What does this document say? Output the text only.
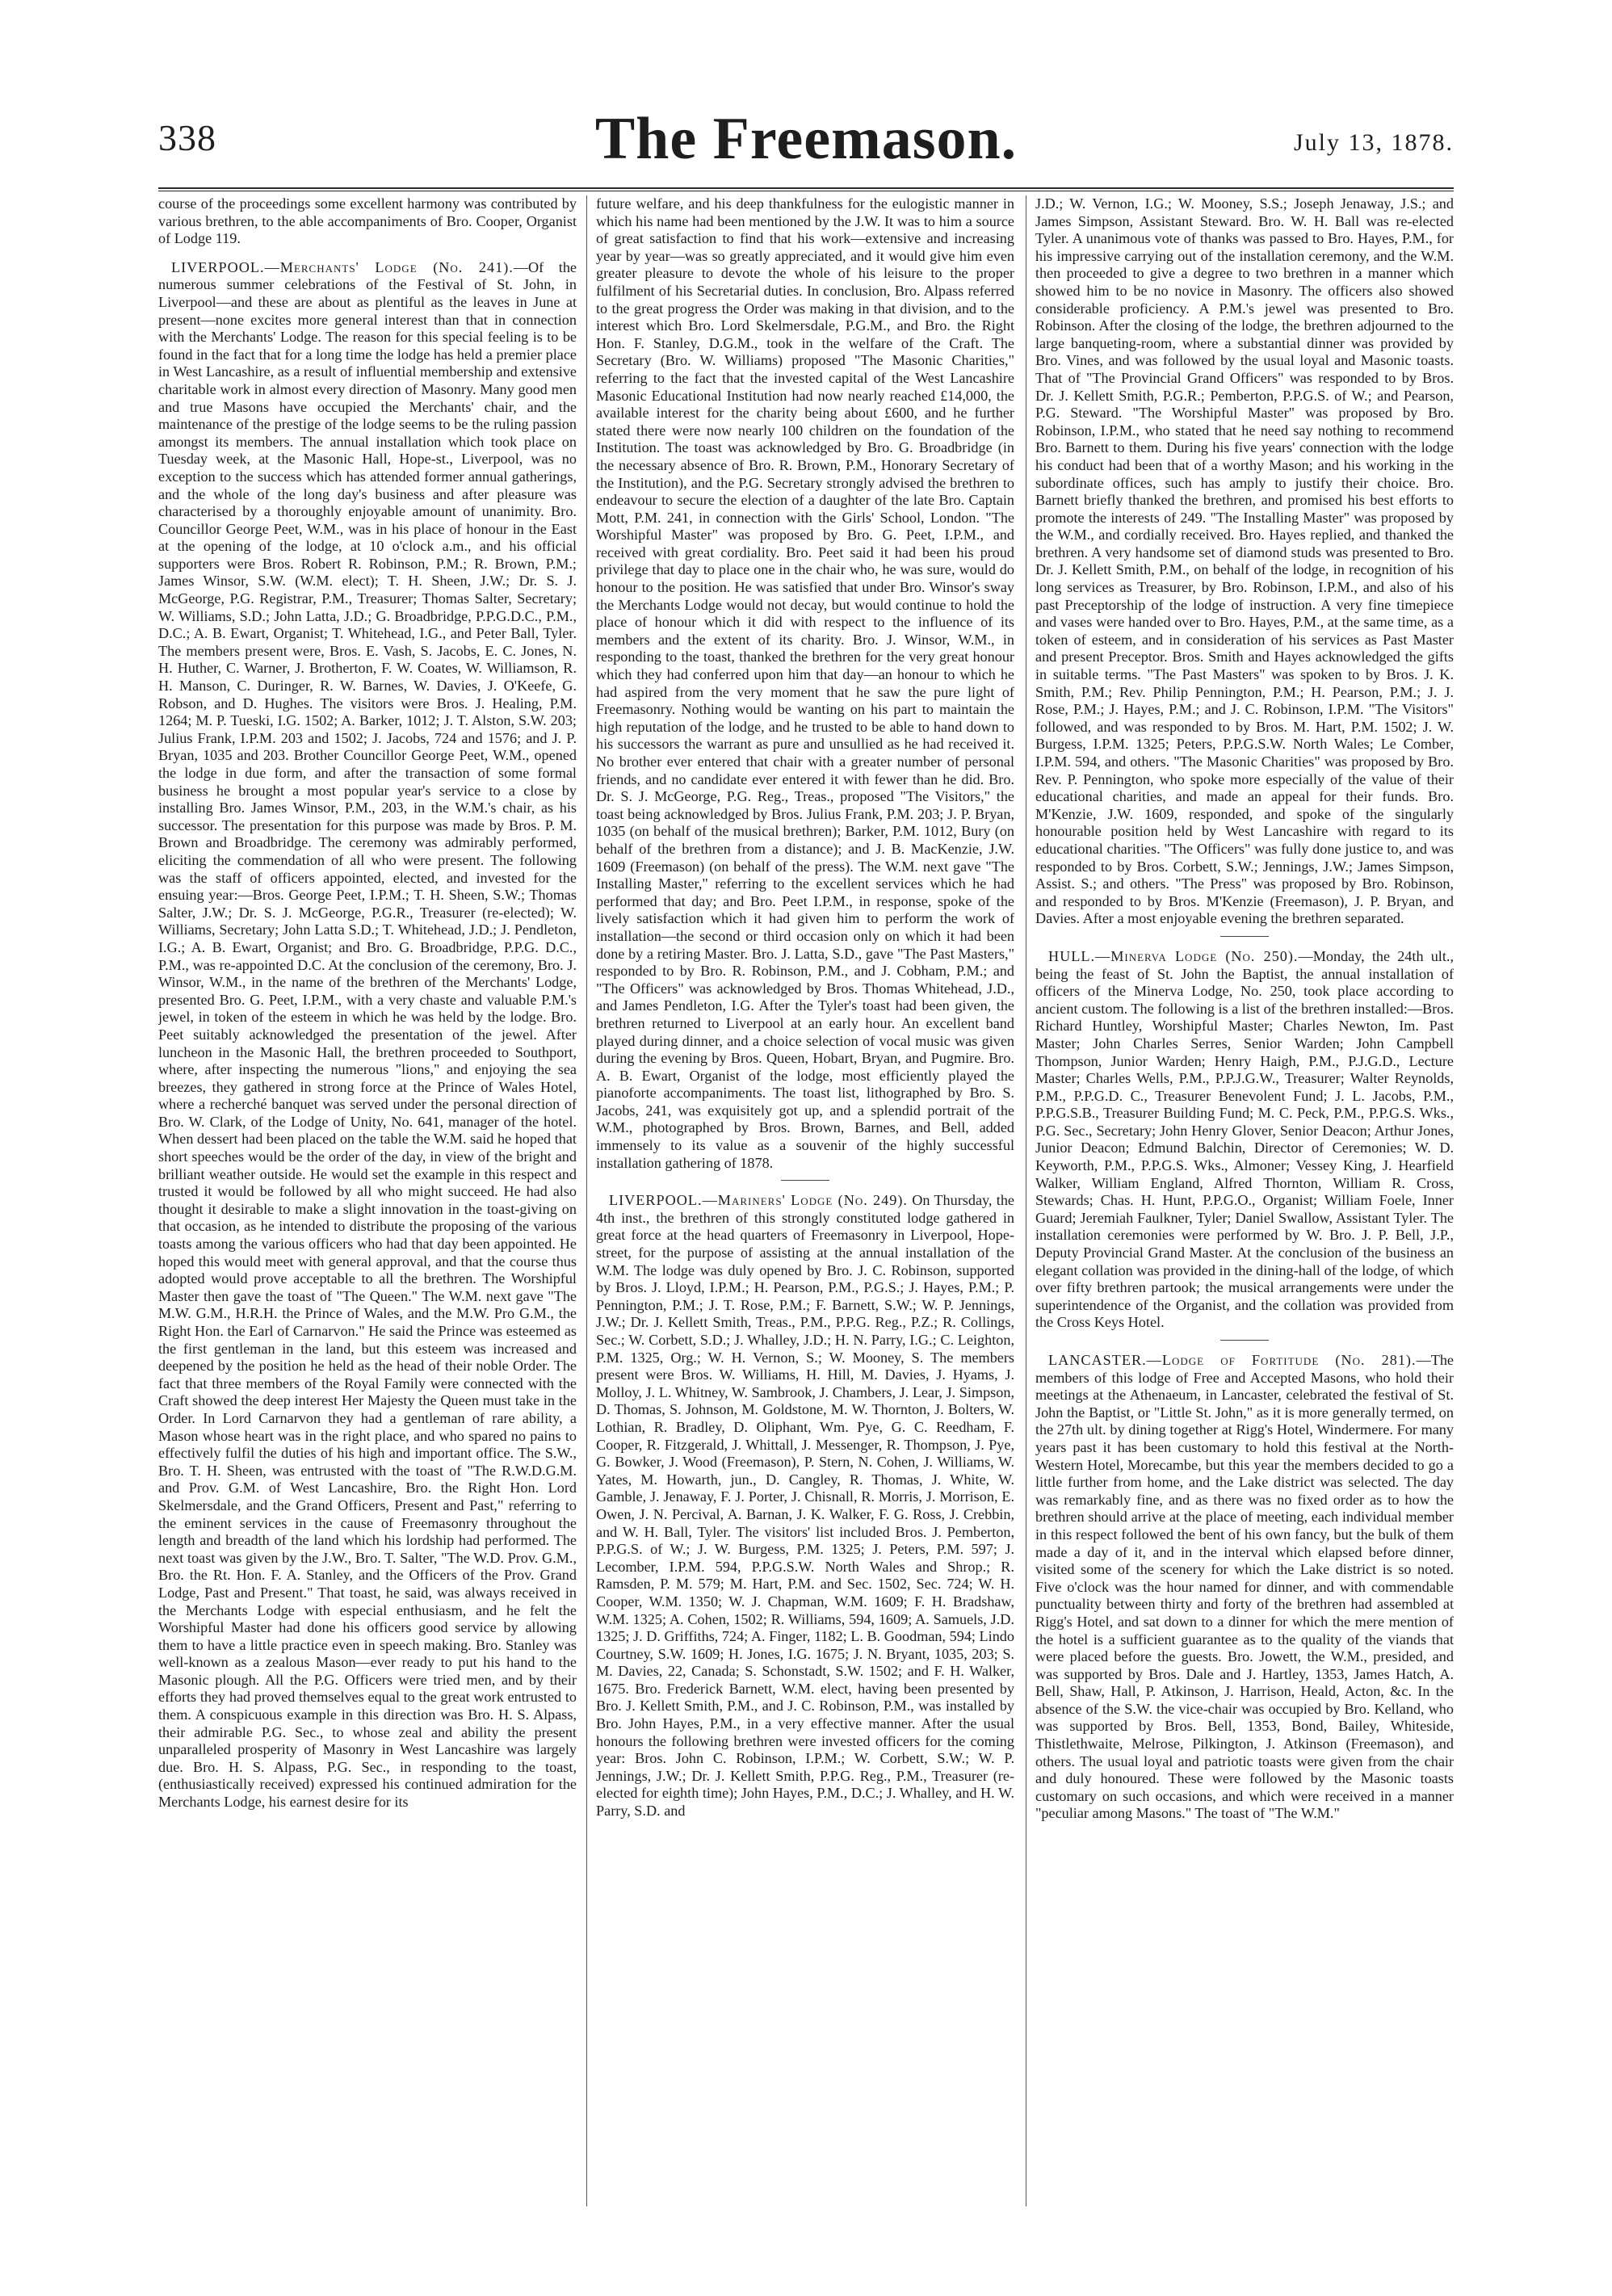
338	The Freemason.	July 13, 1878.

course of the proceedings some excellent harmony was contributed by various brethren, to the able accompaniments of Bro. Cooper, Organist of Lodge 119.

LIVERPOOL.—Merchants' Lodge (No. 241).—Of the numerous summer celebrations of the Festival of St. John, in Liverpool—and these are about as plentiful as the leaves in June at present—none excites more general interest than that in connection with the Merchants' Lodge. The reason for this special feeling is to be found in the fact that for a long time the lodge has held a premier place in West Lancashire, as a result of influential membership and extensive charitable work in almost every direction of Masonry. Many good men and true Masons have occupied the Merchants' chair, and the maintenance of the prestige of the lodge seems to be the ruling passion amongst its members. The annual installation which took place on Tuesday week, at the Masonic Hall, Hope-st., Liverpool, was no exception to the success which has attended former annual gatherings, and the whole of the long day's business and after pleasure was characterised by a thoroughly enjoyable amount of unanimity. Bro. Councillor George Peet, W.M., was in his place of honour in the East at the opening of the lodge, at 10 o'clock a.m., and his official supporters were Bros. Robert R. Robinson, P.M.; R. Brown, P.M.; James Winsor, S.W. (W.M. elect); T. H. Sheen, J.W.; Dr. S. J. McGeorge, P.G. Registrar, P.M., Treasurer; Thomas Salter, Secretary; W. Williams, S.D.; John Latta, J.D.; G. Broadbridge, P.P.G.D.C., P.M., D.C.; A. B. Ewart, Organist; T. Whitehead, I.G., and Peter Ball, Tyler. The members present were, Bros. E. Vash, S. Jacobs, E. C. Jones, N. H. Huther, C. Warner, J. Brotherton, F. W. Coates, W. Williamson, R. H. Manson, C. Duringer, R. W. Barnes, W. Davies, J. O'Keefe, G. Robson, and D. Hughes. The visitors were Bros. J. Healing, P.M. 1264; M. P. Tueski, I.G. 1502; A. Barker, 1012; J. T. Alston, S.W. 203; Julius Frank, I.P.M. 203 and 1502; J. Jacobs, 724 and 1576; and J. P. Bryan, 1035 and 203. Brother Councillor George Peet, W.M., opened the lodge in due form, and after the transaction of some formal business he brought a most popular year's service to a close by installing Bro. James Winsor, P.M., 203, in the W.M.'s chair, as his successor. The presentation for this purpose was made by Bros. P. M. Brown and Broadbridge. The ceremony was admirably performed, eliciting the commendation of all who were present. The following was the staff of officers appointed, elected, and invested for the ensuing year:—Bros. George Peet, I.P.M.; T. H. Sheen, S.W.; Thomas Salter, J.W.; Dr. S. J. McGeorge, P.G.R., Treasurer (re-elected); W. Williams, Secretary; John Latta S.D.; T. Whitehead, J.D.; J. Pendleton, I.G.; A. B. Ewart, Organist; and Bro. G. Broadbridge, P.P.G. D.C., P.M., was re-appointed D.C. At the conclusion of the ceremony, Bro. J. Winsor, W.M., in the name of the brethren of the Merchants' Lodge, presented Bro. G. Peet, I.P.M., with a very chaste and valuable P.M.'s jewel, in token of the esteem in which he was held by the lodge. Bro. Peet suitably acknowledged the presentation of the jewel. After luncheon in the Masonic Hall, the brethren proceeded to Southport, where, after inspecting the numerous "lions," and enjoying the sea breezes, they gathered in strong force at the Prince of Wales Hotel, where a recherché banquet was served under the personal direction of Bro. W. Clark, of the Lodge of Unity, No. 641, manager of the hotel. When dessert had been placed on the table the W.M. said he hoped that short speeches would be the order of the day, in view of the bright and brilliant weather outside. He would set the example in this respect and trusted it would be followed by all who might succeed. He had also thought it desirable to make a slight innovation in the toast-giving on that occasion, as he intended to distribute the proposing of the various toasts among the various officers who had that day been appointed. He hoped this would meet with general approval, and that the course thus adopted would prove acceptable to all the brethren. The Worshipful Master then gave the toast of "The Queen." The W.M. next gave "The M.W. G.M., H.R.H. the Prince of Wales, and the M.W. Pro G.M., the Right Hon. the Earl of Carnarvon." He said the Prince was esteemed as the first gentleman in the land, but this esteem was increased and deepened by the position he held as the head of their noble Order. The fact that three members of the Royal Family were connected with the Craft showed the deep interest Her Majesty the Queen must take in the Order. In Lord Carnarvon they had a gentleman of rare ability, a Mason whose heart was in the right place, and who spared no pains to effectively fulfil the duties of his high and important office. The S.W., Bro. T. H. Sheen, was entrusted with the toast of "The R.W.D.G.M. and Prov. G.M. of West Lancashire, Bro. the Right Hon. Lord Skelmersdale, and the Grand Officers, Present and Past," referring to the eminent services in the cause of Freemasonry throughout the length and breadth of the land which his lordship had performed. The next toast was given by the J.W., Bro. T. Salter, "The W.D. Prov. G.M., Bro. the Rt. Hon. F. A. Stanley, and the Officers of the Prov. Grand Lodge, Past and Present." That toast, he said, was always received in the Merchants Lodge with especial enthusiasm, and he felt the Worshipful Master had done his officers good service by allowing them to have a little practice even in speech making. Bro. Stanley was well-known as a zealous Mason—ever ready to put his hand to the Masonic plough. All the P.G. Officers were tried men, and by their efforts they had proved themselves equal to the great work entrusted to them. A conspicuous example in this direction was Bro. H. S. Alpass, their admirable P.G. Sec., to whose zeal and ability the present unparalleled prosperity of Masonry in West Lancashire was largely due. Bro. H. S. Alpass, P.G. Sec., in responding to the toast, (enthusiastically received) expressed his continued admiration for the Merchants Lodge, his earnest desire for its

future welfare, and his deep thankfulness for the eulogistic manner in which his name had been mentioned by the J.W. It was to him a source of great satisfaction to find that his work—extensive and increasing year by year—was so greatly appreciated, and it would give him even greater pleasure to devote the whole of his leisure to the proper fulfilment of his Secretarial duties. In conclusion, Bro. Alpass referred to the great progress the Order was making in that division, and to the interest which Bro. Lord Skelmersdale, P.G.M., and Bro. the Right Hon. F. Stanley, D.G.M., took in the welfare of the Craft. The Secretary (Bro. W. Williams) proposed "The Masonic Charities," referring to the fact that the invested capital of the West Lancashire Masonic Educational Institution had now nearly reached £14,000, the available interest for the charity being about £600, and he further stated there were now nearly 100 children on the foundation of the Institution. The toast was acknowledged by Bro. G. Broadbridge (in the necessary absence of Bro. R. Brown, P.M., Honorary Secretary of the Institution), and the P.G. Secretary strongly advised the brethren to endeavour to secure the election of a daughter of the late Bro. Captain Mott, P.M. 241, in connection with the Girls' School, London. "The Worshipful Master" was proposed by Bro. G. Peet, I.P.M., and received with great cordiality. Bro. Peet said it had been his proud privilege that day to place one in the chair who, he was sure, would do honour to the position. He was satisfied that under Bro. Winsor's sway the Merchants Lodge would not decay, but would continue to hold the place of honour which it did with respect to the influence of its members and the extent of its charity. Bro. J. Winsor, W.M., in responding to the toast, thanked the brethren for the very great honour which they had conferred upon him that day—an honour to which he had aspired from the very moment that he saw the pure light of Freemasonry. Nothing would be wanting on his part to maintain the high reputation of the lodge, and he trusted to be able to hand down to his successors the warrant as pure and unsullied as he had received it. No brother ever entered that chair with a greater number of personal friends, and no candidate ever entered it with fewer than he did. Bro. Dr. S. J. McGeorge, P.G. Reg., Treas., proposed "The Visitors," the toast being acknowledged by Bros. Julius Frank, P.M. 203; J. P. Bryan, 1035 (on behalf of the musical brethren); Barker, P.M. 1012, Bury (on behalf of the brethren from a distance); and J. B. MacKenzie, J.W. 1609 (Freemason) (on behalf of the press). The W.M. next gave "The Installing Master," referring to the excellent services which he had performed that day; and Bro. Peet I.P.M., in response, spoke of the lively satisfaction which it had given him to perform the work of installation—the second or third occasion only on which it had been done by a retiring Master. Bro. J. Latta, S.D., gave "The Past Masters," responded to by Bro. R. Robinson, P.M., and J. Cobham, P.M.; and "The Officers" was acknowledged by Bros. Thomas Whitehead, J.D., and James Pendleton, I.G. After the Tyler's toast had been given, the brethren returned to Liverpool at an early hour. An excellent band played during dinner, and a choice selection of vocal music was given during the evening by Bros. Queen, Hobart, Bryan, and Pugmire. Bro. A. B. Ewart, Organist of the lodge, most efficiently played the pianoforte accompaniments. The toast list, lithographed by Bro. S. Jacobs, 241, was exquisitely got up, and a splendid portrait of the W.M., photographed by Bros. Brown, Barnes, and Bell, added immensely to its value as a souvenir of the highly successful installation gathering of 1878.

LIVERPOOL.—Mariners' Lodge (No. 249). On Thursday, the 4th inst., the brethren of this strongly constituted lodge gathered in great force at the head quarters of Freemasonry in Liverpool, Hope-street, for the purpose of assisting at the annual installation of the W.M. The lodge was duly opened by Bro. J. C. Robinson, supported by Bros. J. Lloyd, I.P.M.; H. Pearson, P.M., P.G.S.; J. Hayes, P.M.; P. Pennington, P.M.; J. T. Rose, P.M.; F. Barnett, S.W.; W. P. Jennings, J.W.; Dr. J. Kellett Smith, Treas., P.M., P.P.G. Reg., P.Z.; R. Collings, Sec.; W. Corbett, S.D.; J. Whalley, J.D.; H. N. Parry, I.G.; C. Leighton, P.M. 1325, Org.; W. H. Vernon, S.; W. Mooney, S. The members present were Bros. W. Williams, H. Hill, M. Davies, J. Hyams, J. Molloy, J. L. Whitney, W. Sambrook, J. Chambers, J. Lear, J. Simpson, D. Thomas, S. Johnson, M. Goldstone, M. W. Thornton, J. Bolters, W. Lothian, R. Bradley, D. Oliphant, Wm. Pye, G. C. Reedham, F. Cooper, R. Fitzgerald, J. Whittall, J. Messenger, R. Thompson, J. Pye, G. Bowker, J. Wood (Freemason), P. Stern, N. Cohen, J. Williams, W. Yates, M. Howarth, jun., D. Cangley, R. Thomas, J. White, W. Gamble, J. Jenaway, F. J. Porter, J. Chisnall, R. Morris, J. Morrison, E. Owen, J. N. Percival, A. Barnan, J. K. Walker, F. G. Ross, J. Crebbin, and W. H. Ball, Tyler. The visitors' list included Bros. J. Pemberton, P.P.G.S. of W.; J. W. Burgess, P.M. 1325; J. Peters, P.M. 597; J. Lecomber, I.P.M. 594, P.P.G.S.W. North Wales and Shrop.; R. Ramsden, P. M. 579; M. Hart, P.M. and Sec. 1502, Sec. 724; W. H. Cooper, W.M. 1350; W. J. Chapman, W.M. 1609; F. H. Bradshaw, W.M. 1325; A. Cohen, 1502; R. Williams, 594, 1609; A. Samuels, J.D. 1325; J. D. Griffiths, 724; A. Finger, 1182; L. B. Goodman, 594; Lindo Courtney, S.W. 1609; H. Jones, I.G. 1675; J. N. Bryant, 1035, 203; S. M. Davies, 22, Canada; S. Schonstadt, S.W. 1502; and F. H. Walker, 1675. Bro. Frederick Barnett, W.M. elect, having been presented by Bro. J. Kellett Smith, P.M., and J. C. Robinson, P.M., was installed by Bro. John Hayes, P.M., in a very effective manner. After the usual honours the following brethren were invested officers for the coming year: Bros. John C. Robinson, I.P.M.; W. Corbett, S.W.; W. P. Jennings, J.W.; Dr. J. Kellett Smith, P.P.G. Reg., P.M., Treasurer (re-elected for eighth time); John Hayes, P.M., D.C.; J. Whalley, and H. W. Parry, S.D. and

J.D.; W. Vernon, I.G.; W. Mooney, S.S.; Joseph Jenaway, J.S.; and James Simpson, Assistant Steward. Bro. W. H. Ball was re-elected Tyler. A unanimous vote of thanks was passed to Bro. Hayes, P.M., for his impressive carrying out of the installation ceremony, and the W.M. then proceeded to give a degree to two brethren in a manner which showed him to be no novice in Masonry. The officers also showed considerable proficiency. A P.M.'s jewel was presented to Bro. Robinson. After the closing of the lodge, the brethren adjourned to the large banqueting-room, where a substantial dinner was provided by Bro. Vines, and was followed by the usual loyal and Masonic toasts. That of "The Provincial Grand Officers" was responded to by Bros. Dr. J. Kellett Smith, P.G.R.; Pemberton, P.P.G.S. of W.; and Pearson, P.G. Steward. "The Worshipful Master" was proposed by Bro. Robinson, I.P.M., who stated that he need say nothing to recommend Bro. Barnett to them. During his five years' connection with the lodge his conduct had been that of a worthy Mason; and his working in the subordinate offices, such has amply to justify their choice. Bro. Barnett briefly thanked the brethren, and promised his best efforts to promote the interests of 249. "The Installing Master" was proposed by the W.M., and cordially received. Bro. Hayes replied, and thanked the brethren. A very handsome set of diamond studs was presented to Bro. Dr. J. Kellett Smith, P.M., on behalf of the lodge, in recognition of his long services as Treasurer, by Bro. Robinson, I.P.M., and also of his past Preceptorship of the lodge of instruction. A very fine timepiece and vases were handed over to Bro. Hayes, P.M., at the same time, as a token of esteem, and in consideration of his services as Past Master and present Preceptor. Bros. Smith and Hayes acknowledged the gifts in suitable terms. "The Past Masters" was spoken to by Bros. J. K. Smith, P.M.; Rev. Philip Pennington, P.M.; H. Pearson, P.M.; J. J. Rose, P.M.; J. Hayes, P.M.; and J. C. Robinson, I.P.M. "The Visitors" followed, and was responded to by Bros. M. Hart, P.M. 1502; J. W. Burgess, I.P.M. 1325; Peters, P.P.G.S.W. North Wales; Le Comber, I.P.M. 594, and others. "The Masonic Charities" was proposed by Bro. Rev. P. Pennington, who spoke more especially of the value of their educational charities, and made an appeal for their funds. Bro. M'Kenzie, J.W. 1609, responded, and spoke of the singularly honourable position held by West Lancashire with regard to its educational charities. "The Officers" was fully done justice to, and was responded to by Bros. Corbett, S.W.; Jennings, J.W.; James Simpson, Assist. S.; and others. "The Press" was proposed by Bro. Robinson, and responded to by Bros. M'Kenzie (Freemason), J. P. Bryan, and Davies. After a most enjoyable evening the brethren separated.

HULL.—Minerva Lodge (No. 250).—Monday, the 24th ult., being the feast of St. John the Baptist, the annual installation of officers of the Minerva Lodge, No. 250, took place according to ancient custom. The following is a list of the brethren installed:—Bros. Richard Huntley, Worshipful Master; Charles Newton, Im. Past Master; John Charles Serres, Senior Warden; John Campbell Thompson, Junior Warden; Henry Haigh, P.M., P.J.G.D., Lecture Master; Charles Wells, P.M., P.P.J.G.W., Treasurer; Walter Reynolds, P.M., P.P.G.D. C., Treasurer Benevolent Fund; J. L. Jacobs, P.M., P.P.G.S.B., Treasurer Building Fund; M. C. Peck, P.M., P.P.G.S. Wks., P.G. Sec., Secretary; John Henry Glover, Senior Deacon; Arthur Jones, Junior Deacon; Edmund Balchin, Director of Ceremonies; W. D. Keyworth, P.M., P.P.G.S. Wks., Almoner; Vessey King, J. Hearfield Walker, William England, Alfred Thornton, William R. Cross, Stewards; Chas. H. Hunt, P.P.G.O., Organist; William Foele, Inner Guard; Jeremiah Faulkner, Tyler; Daniel Swallow, Assistant Tyler. The installation ceremonies were performed by W. Bro. J. P. Bell, J.P., Deputy Provincial Grand Master. At the conclusion of the business an elegant collation was provided in the dining-hall of the lodge, of which over fifty brethren partook; the musical arrangements were under the superintendence of the Organist, and the collation was provided from the Cross Keys Hotel.

LANCASTER.—Lodge of Fortitude (No. 281).—The members of this lodge of Free and Accepted Masons, who hold their meetings at the Athenaeum, in Lancaster, celebrated the festival of St. John the Baptist, or "Little St. John," as it is more generally termed, on the 27th ult. by dining together at Rigg's Hotel, Windermere. For many years past it has been customary to hold this festival at the North-Western Hotel, Morecambe, but this year the members decided to go a little further from home, and the Lake district was selected. The day was remarkably fine, and as there was no fixed order as to how the brethren should arrive at the place of meeting, each individual member in this respect followed the bent of his own fancy, but the bulk of them made a day of it, and in the interval which elapsed before dinner, visited some of the scenery for which the Lake district is so noted. Five o'clock was the hour named for dinner, and with commendable punctuality between thirty and forty of the brethren had assembled at Rigg's Hotel, and sat down to a dinner for which the mere mention of the hotel is a sufficient guarantee as to the quality of the viands that were placed before the guests. Bro. Jowett, the W.M., presided, and was supported by Bros. Dale and J. Hartley, 1353, James Hatch, A. Bell, Shaw, Hall, P. Atkinson, J. Harrison, Heald, Acton, &c. In the absence of the S.W. the vice-chair was occupied by Bro. Kelland, who was supported by Bros. Bell, 1353, Bond, Bailey, Whiteside, Thistlethwaite, Melrose, Pilkington, J. Atkinson (Freemason), and others. The usual loyal and patriotic toasts were given from the chair and duly honoured. These were followed by the Masonic toasts customary on such occasions, and which were received in a manner "peculiar among Masons." The toast of "The W.M."
